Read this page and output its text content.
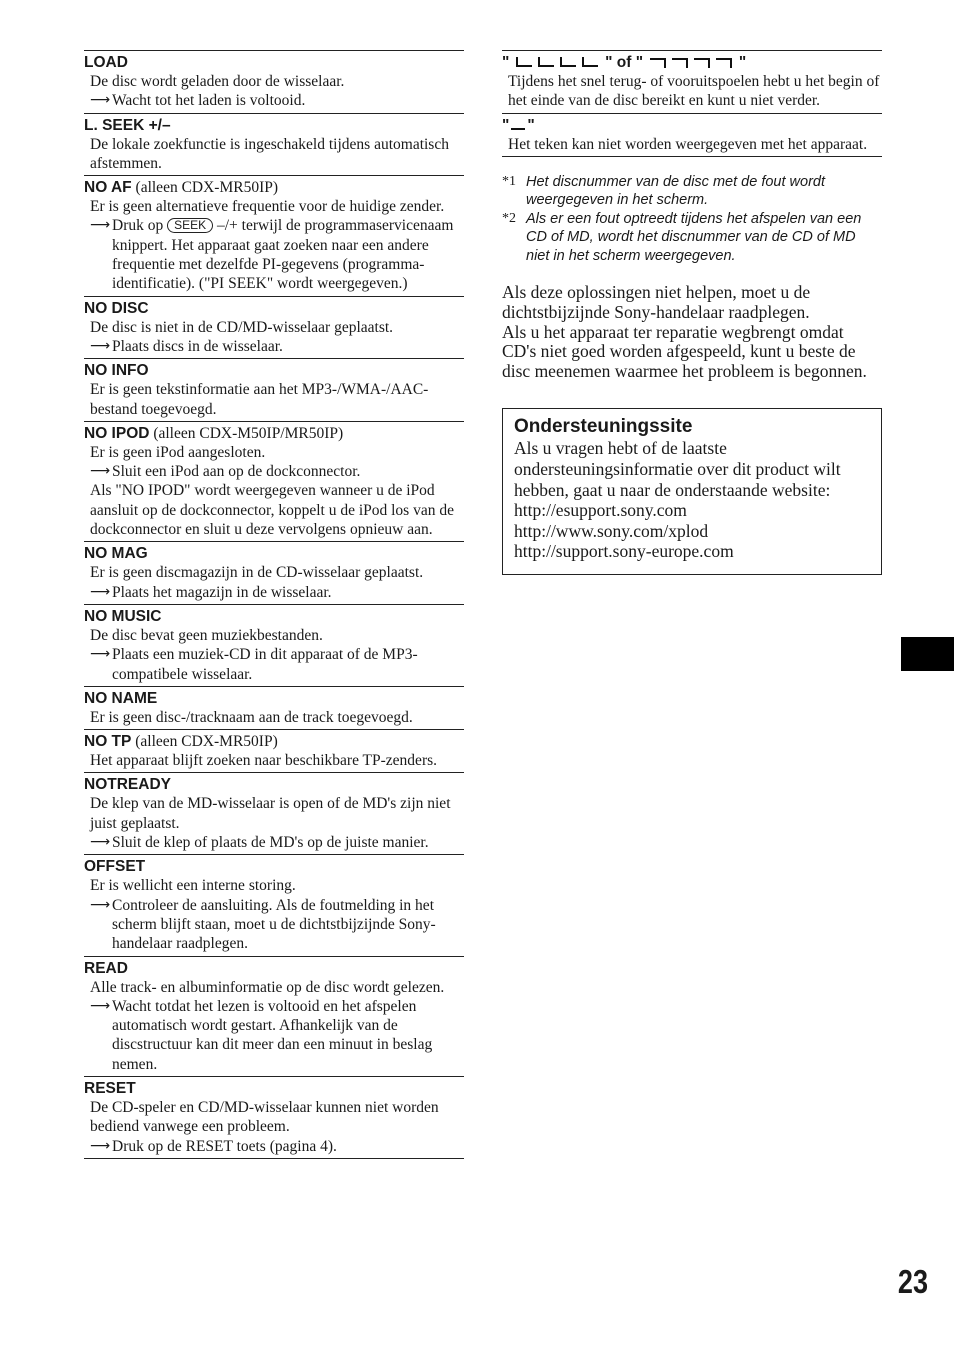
LOAD
De disc wordt geladen door de wisselaar.
⟶ Wacht tot het laden is voltooid.
L. SEEK +/–
De lokale zoekfunctie is ingeschakeld tijdens automatisch afstemmen.
NO AF (alleen CDX-MR50IP)
Er is geen alternatieve frequentie voor de huidige zender.
⟶ Druk op SEEK –/+ terwijl de programmaservicenaam knippert. Het apparaat gaat zoeken naar een andere frequentie met dezelfde PI-gegevens (programma-identificatie). ("PI SEEK" wordt weergegeven.)
NO DISC
De disc is niet in de CD/MD-wisselaar geplaatst.
⟶ Plaats discs in de wisselaar.
NO INFO
Er is geen tekstinformatie aan het MP3-/WMA-/AAC-bestand toegevoegd.
NO IPOD (alleen CDX-M50IP/MR50IP)
Er is geen iPod aangesloten.
⟶ Sluit een iPod aan op de dockconnector.
Als "NO IPOD" wordt weergegeven wanneer u de iPod aansluit op de dockconnector, koppelt u de iPod los van de dockconnector en sluit u deze vervolgens opnieuw aan.
NO MAG
Er is geen discmagazijn in de CD-wisselaar geplaatst.
⟶ Plaats het magazijn in de wisselaar.
NO MUSIC
De disc bevat geen muziekbestanden.
⟶ Plaats een muziek-CD in dit apparaat of de MP3-compatibele wisselaar.
NO NAME
Er is geen disc-/tracknaam aan de track toegevoegd.
NO TP (alleen CDX-MR50IP)
Het apparaat blijft zoeken naar beschikbare TP-zenders.
NOTREADY
De klep van de MD-wisselaar is open of de MD's zijn niet juist geplaatst.
⟶ Sluit de klep of plaats de MD's op de juiste manier.
OFFSET
Er is wellicht een interne storing.
⟶ Controleer de aansluiting. Als de foutmelding in het scherm blijft staan, moet u de dichtstbijzijnde Sony-handelaar raadplegen.
READ
Alle track- en albuminformatie op de disc wordt gelezen.
⟶ Wacht totdat het lezen is voltooid en het afspelen automatisch wordt gestart. Afhankelijk van de discstructuur kan dit meer dan een minuut in beslag nemen.
RESET
De CD-speler en CD/MD-wisselaar kunnen niet worden bediend vanwege een probleem.
⟶ Druk op de RESET toets (pagina 4).
"	" of "	"

Tijdens het snel terug- of vooruitspoelen hebt u het begin of het einde van de disc bereikt en kunt u niet verder.

" "

Het teken kan niet worden weergegeven met het apparaat.

*1 Het discnummer van de disc met de fout wordt weergegeven in het scherm.
*2 Als er een fout optreedt tijdens het afspelen van een CD of MD, wordt het discnummer van de CD of MD niet in het scherm weergegeven.

Als deze oplossingen niet helpen, moet u de dichtstbijzijnde Sony-handelaar raadplegen.

Als u het apparaat ter reparatie wegbrengt omdat CD's niet goed worden afgespeeld, kunt u beste de disc meenemen waarmee het probleem is begonnen.

Ondersteuningssite
Als u vragen hebt of de laatste ondersteuningsinformatie over dit product wilt hebben, gaat u naar de onderstaande website:
http://esupport.sony.com
http://www.sony.com/xplod
http://support.sony-europe.com
23
